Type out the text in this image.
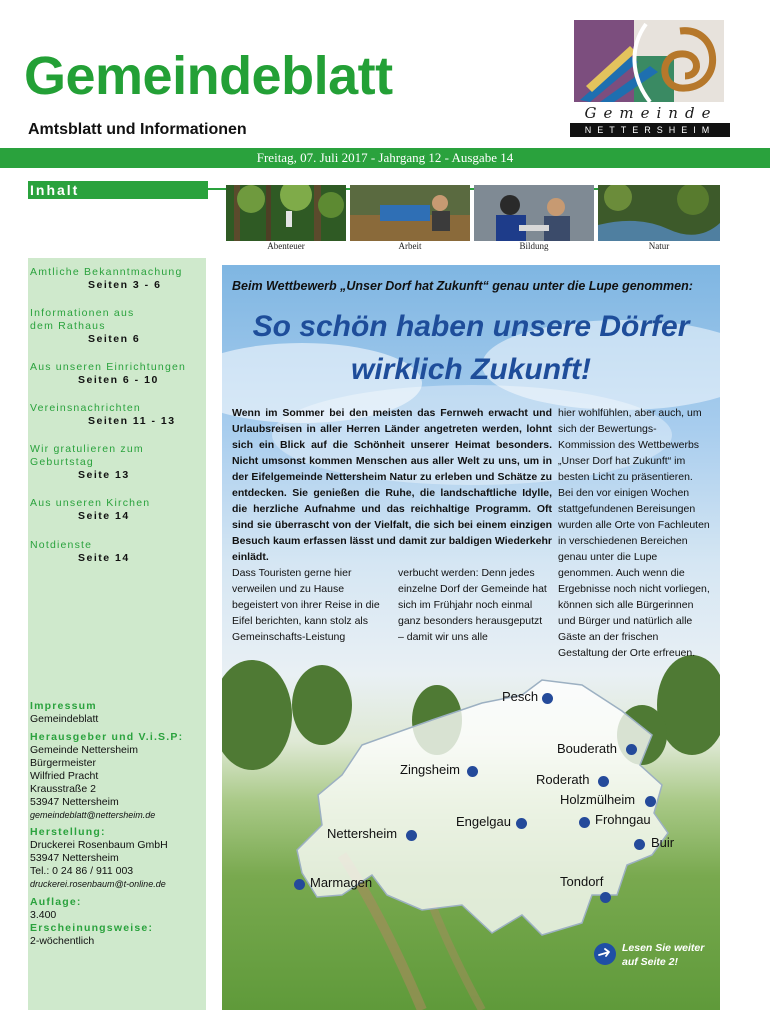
Gemeindeblatt
Amtsblatt und Informationen
Gemeinde
NETTERSHEIM
Freitag, 07. Juli 2017 - Jahrgang 12 - Ausgabe 14
Inhalt
Abenteuer	Arbeit	Bildung	Natur
Amtliche Bekanntmachung
Seiten 3 - 6
Informationen aus dem Rathaus
Seiten 6
Aus unseren Einrichtungen
Seiten 6 - 10
Vereinsnachrichten
Seiten 11 - 13
Wir gratulieren zum Geburtstag
Seite 13
Aus unseren Kirchen
Seite 14
Notdienste
Seite 14
Impressum
Gemeindeblatt
Herausgeber und V.i.S.P:
Gemeinde Nettersheim
Bürgermeister
Wilfried Pracht
Krausstraße 2
53947 Nettersheim
gemeindeblatt@nettersheim.de
Herstellung:
Druckerei Rosenbaum GmbH
53947 Nettersheim
Tel.: 0 24 86 / 911 003
druckerei.rosenbaum@t-online.de
Auflage:
3.400
Erscheinungsweise:
2-wöchentlich
Beim Wettbewerb „Unser Dorf hat Zukunft“ genau unter die Lupe genommen:
So schön haben unsere Dörfer
wirklich Zukunft!
Wenn im Sommer bei den meisten das Fernweh erwacht und Urlaubsreisen in aller Herren Länder angetreten werden, lohnt sich ein Blick auf die Schönheit unserer Heimat besonders. Nicht umsonst kommen Menschen aus aller Welt zu uns, um in der Eifelgemeinde Nettersheim Natur zu erleben und Schätze zu entdecken. Sie genießen die Ruhe, die landschaftliche Idylle, die herzliche Aufnahme und das reichhaltige Programm. Oft sind sie überrascht von der Vielfalt, die sich bei einem einzigen Besuch kaum erfassen lässt und damit zur baldigen Wiederkehr einlädt.
Dass Touristen gerne hier verweilen und zu Hause begeistert von ihrer Reise in die Eifel berichten, kann stolz als Gemeinschafts-Leistung
verbucht werden: Denn jedes einzelne Dorf der Gemeinde hat sich im Frühjahr noch einmal ganz besonders herausgeputzt – damit wir uns alle
hier wohlfühlen, aber auch, um sich der Bewertungs-Kommission des Wettbewerbs „Unser Dorf hat Zukunft“ im besten Licht zu präsentieren. Bei den vor einigen Wochen stattgefundenen Bereisungen wurden alle Orte von Fachleuten in verschiedenen Bereichen genau unter die Lupe genommen. Auch wenn die Ergebnisse noch nicht vorliegen, können sich alle Bürgerinnen und Bürger und natürlich alle Gäste an der frischen Gestaltung der Orte erfreuen.
Pesch
Bouderath
Zingsheim
Roderath
Holzmülheim
Frohngau
Engelgau
Nettersheim
Buir
Marmagen	Tondorf
Lesen Sie weiter auf Seite 2!
